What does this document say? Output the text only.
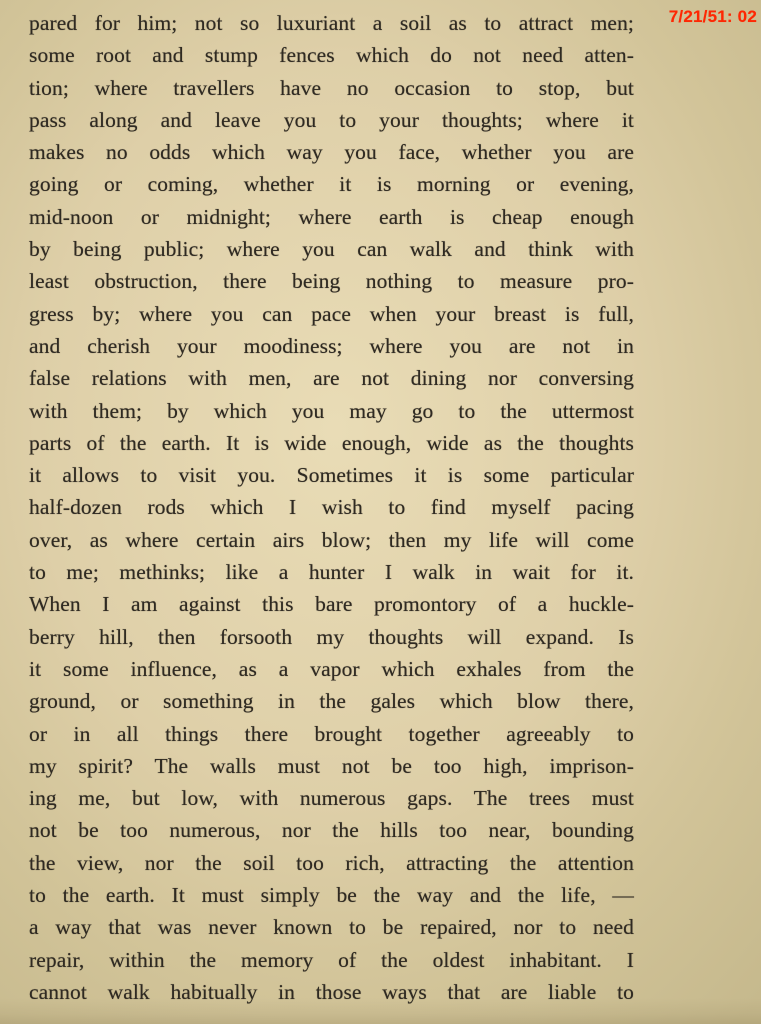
7/21/51: 02
pared for him; not so luxuriant a soil as to attract men;
some root and stump fences which do not need atten-
tion; where travellers have no occasion to stop, but
pass along and leave you to your thoughts; where it
makes no odds which way you face, whether you are
going or coming, whether it is morning or evening,
mid-noon or midnight; where earth is cheap enough
by being public; where you can walk and think with
least obstruction, there being nothing to measure pro-
gress by; where you can pace when your breast is full,
and cherish your moodiness; where you are not in
false relations with men, are not dining nor conversing
with them; by which you may go to the uttermost
parts of the earth. It is wide enough, wide as the thoughts
it allows to visit you. Sometimes it is some particular
half-dozen rods which I wish to find myself pacing
over, as where certain airs blow; then my life will come
to me; methinks; like a hunter I walk in wait for it.
When I am against this bare promontory of a huckle-
berry hill, then forsooth my thoughts will expand. Is
it some influence, as a vapor which exhales from the
ground, or something in the gales which blow there,
or in all things there brought together agreeably to
my spirit? The walls must not be too high, imprison-
ing me, but low, with numerous gaps. The trees must
not be too numerous, nor the hills too near, bounding
the view, nor the soil too rich, attracting the attention
to the earth. It must simply be the way and the life, —
a way that was never known to be repaired, nor to need
repair, within the memory of the oldest inhabitant. I
cannot walk habitually in those ways that are liable to
